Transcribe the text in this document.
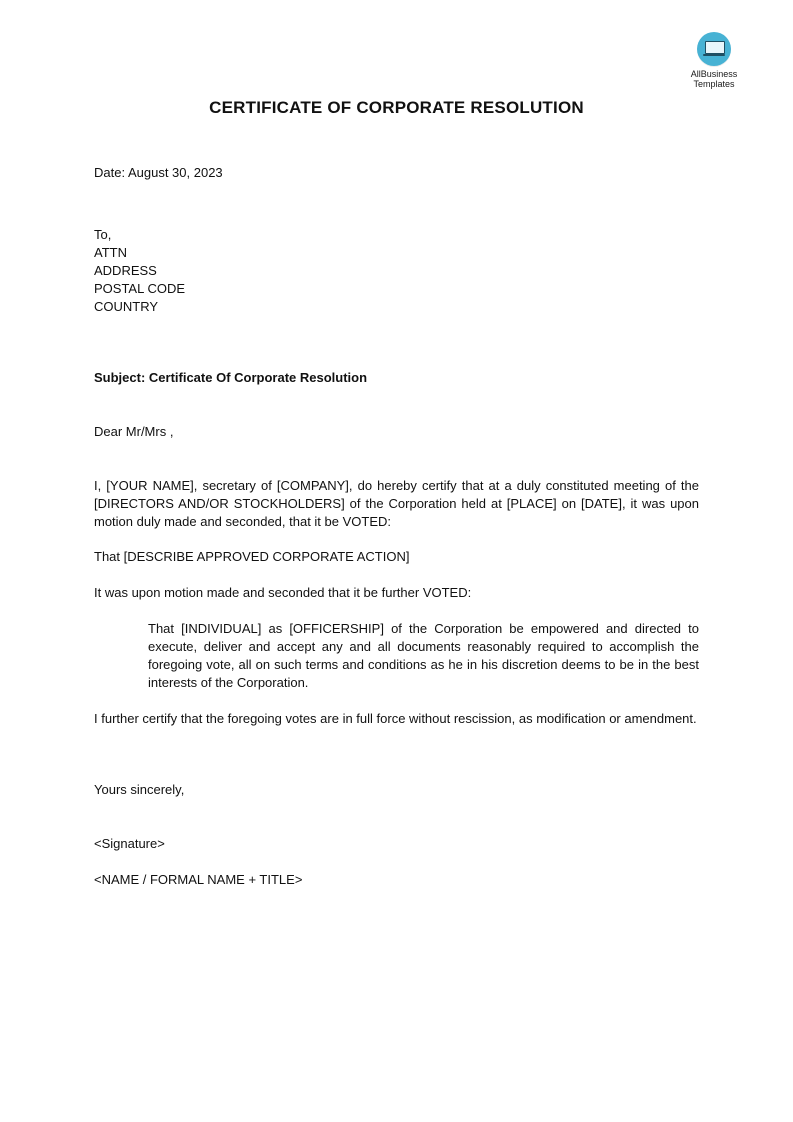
AllBusiness
Templates
CERTIFICATE OF CORPORATE RESOLUTION
Date: August 30, 2023
To,
ATTN
ADDRESS
POSTAL CODE
COUNTRY
Subject: Certificate Of Corporate Resolution
Dear Mr/Mrs ,
I, [YOUR NAME], secretary of [COMPANY], do hereby certify that at a duly constituted meeting of the [DIRECTORS AND/OR STOCKHOLDERS] of the Corporation held at [PLACE] on [DATE], it was upon motion duly made and seconded, that it be VOTED:
That [DESCRIBE APPROVED CORPORATE ACTION]
It was upon motion made and seconded that it be further VOTED:
That [INDIVIDUAL] as [OFFICERSHIP] of the Corporation be empowered and directed to execute, deliver and accept any and all documents reasonably required to accomplish the foregoing vote, all on such terms and conditions as he in his discretion deems to be in the best interests of the Corporation.
I further certify that the foregoing votes are in full force without rescission, as modification or amendment.
Yours sincerely,
<Signature>
<NAME / FORMAL NAME + TITLE>
